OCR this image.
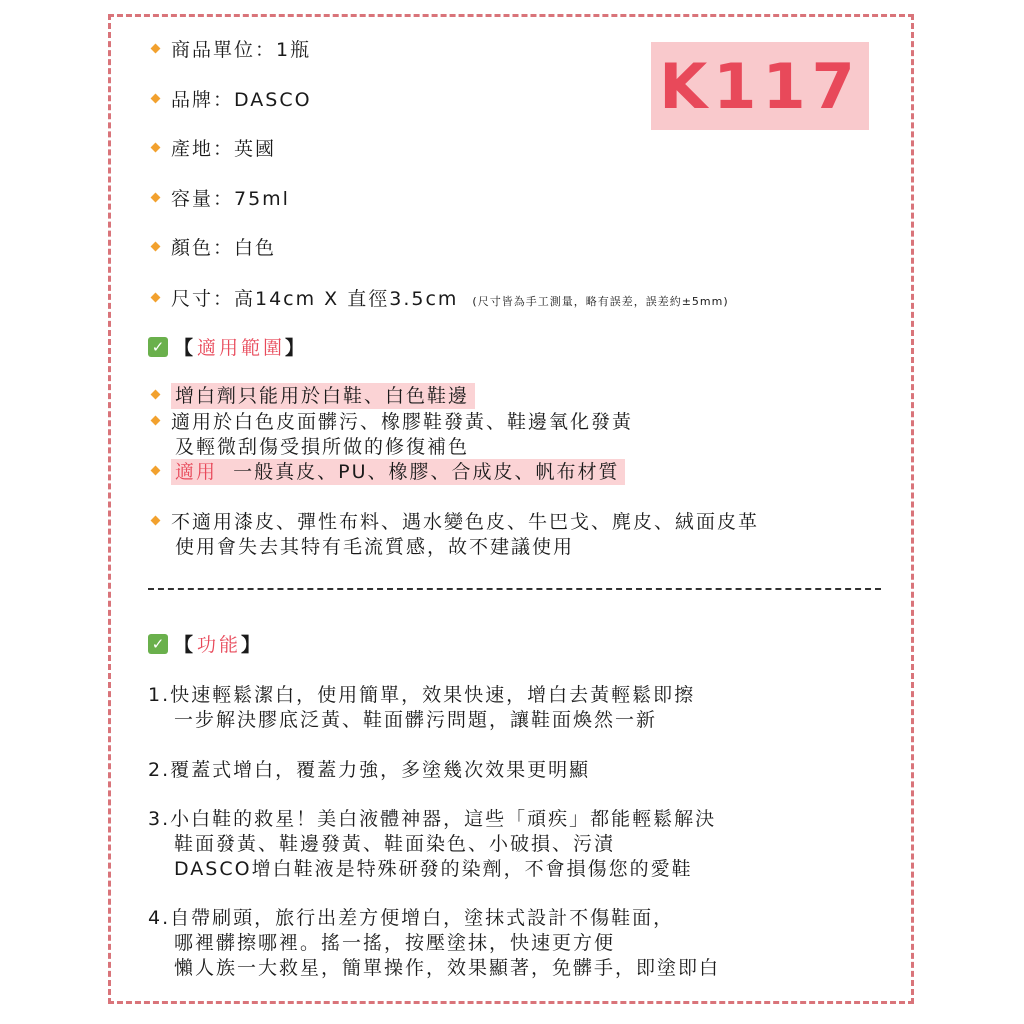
K117
商品單位：1瓶
品牌：DASCO
產地：英國
容量：75ml
顏色：白色
尺寸：高14cm X 直徑3.5cm (尺寸皆為手工測量，略有誤差，誤差約±5mm)
✓ 【適用範圍】
增白劑只能用於白鞋、白色鞋邊
適用於白色皮面髒污、橡膠鞋發黃、鞋邊氧化發黃
及輕微刮傷受損所做的修復補色
適用 一般真皮、PU、橡膠、合成皮、帆布材質
不適用漆皮、彈性布料、遇水變色皮、牛巴戈、麂皮、絨面皮革
使用會失去其特有毛流質感，故不建議使用
✓ 【功能】
1.快速輕鬆潔白，使用簡單，效果快速，增白去黃輕鬆即擦
一步解決膠底泛黃、鞋面髒污問題，讓鞋面煥然一新
2.覆蓋式增白，覆蓋力強，多塗幾次效果更明顯
3.小白鞋的救星！美白液體神器，這些「頑疾」都能輕鬆解決
鞋面發黃、鞋邊發黃、鞋面染色、小破損、污漬
DASCO增白鞋液是特殊研發的染劑，不會損傷您的愛鞋
4.自帶刷頭，旅行出差方便增白，塗抹式設計不傷鞋面，
哪裡髒擦哪裡。搖一搖，按壓塗抹，快速更方便
懶人族一大救星，簡單操作，效果顯著，免髒手，即塗即白
